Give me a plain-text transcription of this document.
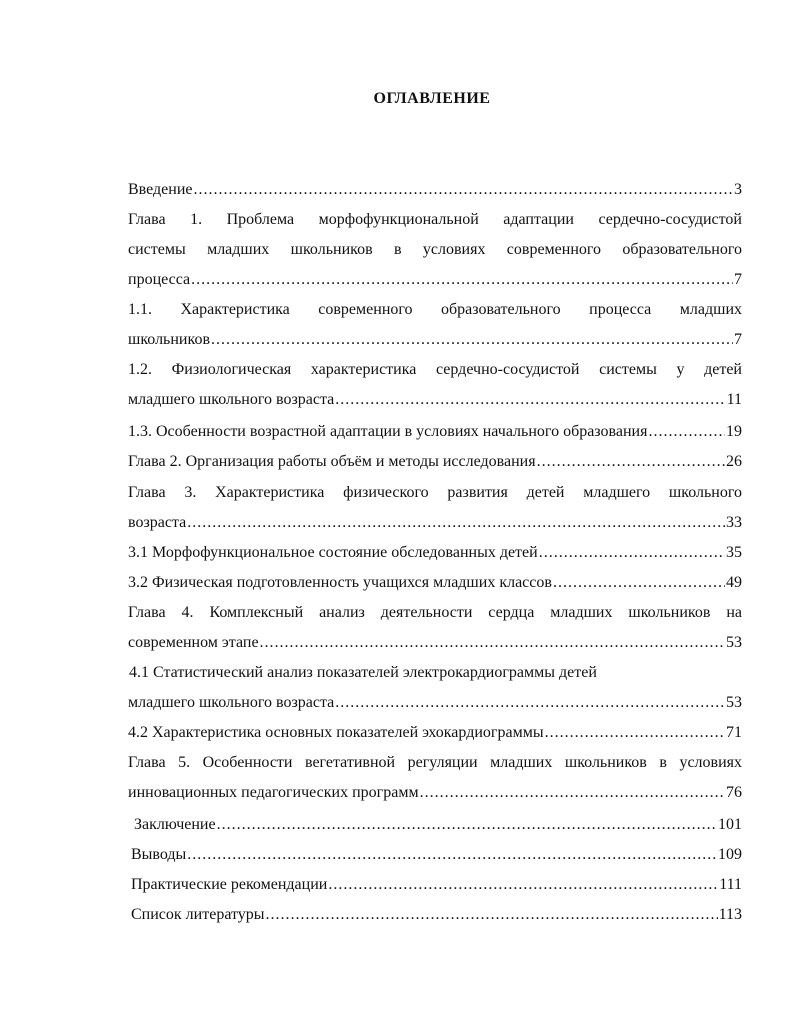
ОГЛАВЛЕНИЕ
Введение .....	3
Глава 1. Проблема морфофункциональной адаптации сердечно-сосудистой
системы младших школьников в условиях современного образовательного
процесса .....	7
1.1. Характеристика современного образовательного процесса младших
школьников .....	7
1.2. Физиологическая характеристика сердечно-сосудистой системы у детей
младшего школьного возраста .....	11
1.3. Особенности возрастной адаптации в условиях начального образования .....	19
Глава 2. Организация работы объём и методы исследования .....	26
Глава 3. Характеристика физического развития детей младшего школьного
возраста .....	33
3.1 Морфофункциональное состояние обследованных детей .....	35
3.2 Физическая подготовленность учащихся младших классов .....	49
Глава 4. Комплексный анализ деятельности сердца младших школьников на
современном этапе .....	53
4.1 Статистический анализ показателей электрокардиограммы детей
младшего школьного возраста .....	53
4.2 Характеристика основных показателей эхокардиограммы .....	71
Глава 5. Особенности вегетативной регуляции младших школьников в условиях
инновационных педагогических программ .....	76
Заключение .....	101
Выводы .....	109
Практические рекомендации .....	111
Список литературы .....	113
